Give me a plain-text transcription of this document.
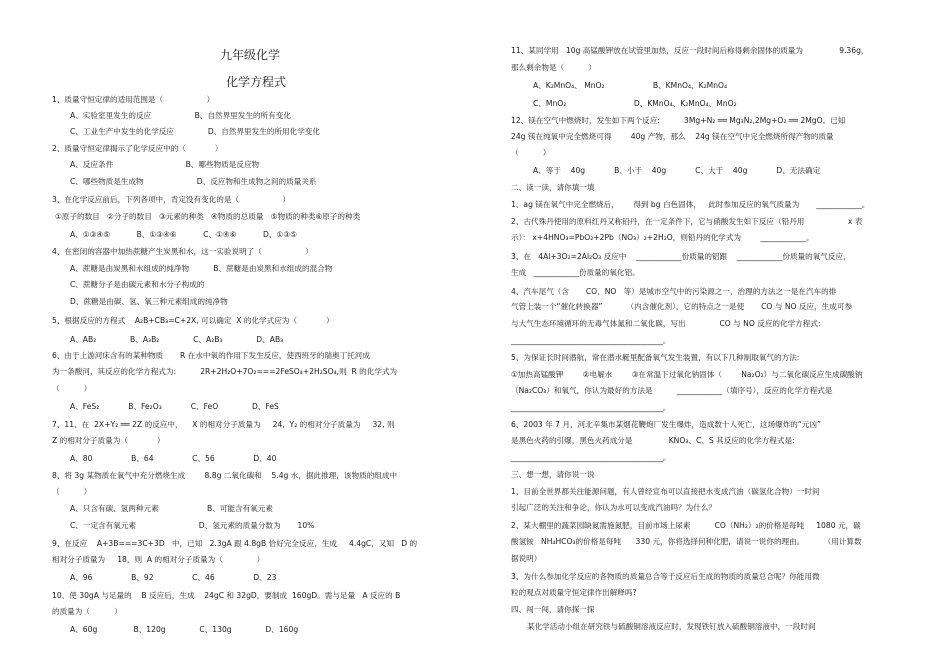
九年级化学
化学方程式
1、质量守恒定律的适用范围是（                  ）
A、实验室里发生的反应                  B、自然界里发生的所有变化
C、工业生产中发生的化学反应              D、自然界里发生的所用化学变化
2、质量守恒定律揭示了化学反应中的（            ）
A、反应条件                              B、哪些物质是反应物
C、哪些物质是生成物                      D、反应物和生成物之间的质量关系
3、在化学反应前后，下列各项中，肯定没有变化的是（                  ）
①原子的数目   ②分子的数目   ③元素的种类   ④物质的总质量   ⑤物质的种类⑥原子的种类
A、①③④⑤           B、①③④⑥           C、①④⑥           D、①③⑤
4、在密闭的容器中加热蔗糖产生炭黑和水，这一实验说明了（                  ）
A、蔗糖是由炭黑和水组成的纯净物          B、蔗糖是由炭黑和水组成的混合物
C、蔗糖分子是由碳元素和水分子构成的
D、蔗糖是由碳、氢、氧三种元素组成的纯净物
5、根据反应的方程式    A₂B+CB₃=C+2X, 可以确定  X 的化学式应为（            ）
A、AB₂              B、A₃B₂              C、A₂B₃              D、AB₃
6、由于上游河床含有的某种物质       R 在水中氧的作用下发生反应，使西班牙的瑞奥丁托河成
为一条酸河，其反应的化学方程式为:          2R+2H₂O+7O₂===2FeSO₄+2H₂SO₄,则  R 的化学式为
（          ）
A、FeS₂            B、Fe₂O₃            C、FeO              D、FeS
7、11、在  2X+Y₂ ══ 2Z 的反应中，    X 的相对分子质量为     24,  Y₂ 的相对分子质量为     32, 则
Z 的相对分子质量为（            ）
A、80                B、64                C、56                D、40
8、将 3g 某物质在氧气中充分燃烧生成        8.8g 二氧化碳和    5.4g 水，据此推理，该物质的组成中
（          ）
A、只含有碳、氢两种元素                    B、可能含有氧元素
C、一定含有氧元素                          D、氢元素的质量分数为       10%
9、在反应    A+3B===3C+3D   中，已知   2.3gA 跟 4.8gB 恰好完全反应，生成     4.4gC，又知   D 的
相对分子质量为     18，则  A 的相对分子质量为（              ）
A、96                B、92                C、46                D、23
10、使 30gA 与足量的    B 反应后，生成    24gC 和 32gD，要制成  160gD。需与足量   A 反应的 B
的质量为（          ）
A、60g               B、120g              C、130g              D、160g
11、某同学用   10g 高锰酸钾放在试管里加热，反应一段时间后称得剩余固体的质量为               9.36g，
那么剩余物是（          ）
A、K₂MnO₄、 MnO₂                    B、KMnO₄、K₂MnO₄
C、MnO₂                            D、KMnO₄、K₂MnO₄、MnO₂
12、镁在空气中燃烧时，发生如下两个反应:          3Mg+N₂ ══ Mg₃N₂,2Mg+O₂ ══ 2MgO。已知
24g 镁在纯氧中完全燃烧可得        40g 产物，那么    24g 镁在空气中完全燃烧所得产物的质量
（          ）
A、等于    40g            B、小于    40g            C、大于    40g            D、无法确定
二、读一读，请你填一填
1、ag 镁在氧气中完全燃烧后，      得到 bg 白色固体，   此时参加反应的氧气质量为       ____________。
2、古代殊丹使用的原料红丹又称铅丹，在一定条件下，它与硝酸发生如下反应（铅丹用                  x 表
示）： x+4HNO₃=PbO₂+2Pb（NO₃）₂+2H₂O，则铅丹的化学式为        ____________。
3、在   4Al+3O₂=2Al₂O₃ 反应中    ____________份质量的铝跟    ____________份质量的氧气反应，
生成   ____________份质量的氧化铝。
4、汽车尾气（含       CO、NO   等）是城市空气中的污染源之一，治理的方法之一是在汽车的排
气管上装一个“催化转换器”          （内含催化剂），它的特点之一是使       CO 与 NO 反应，生成可参
与大气生态环境循环的无毒气体氮和二氧化碳，写出              CO 与 NO 反应的化学方程式:
________________________________________。
5、为保证长时间潜航，常在潜水艇里配备氧气发生装置，有以下几种制取氧气的方法:
①加热高锰酸钾        ②电解水        ③在常温下过氧化钠固体（        Na₂O₂）与二氧化碳反应生成碳酸钠
（Na₂CO₃）和氧气，你认为最好的方法是          ____________（填序号），反应的化学方程式是
________________________________________。
6、2003 年 7 月，河北辛集市某烟花鞭炮厂发生爆炸，造成数十人死亡，这场爆炸的“元凶”
是黑色火药的引爆，黑色火药成分是               KNO₃、C、S 其反应的化学方程式是:
________________________________________。
三、想一想，请你说一说
1、目前全世界都关注能源问题，有人曾经宣布可以直接把水变成汽油（碳氢化合物）一时间
引起广泛的关注和争论，你认为水可以变成汽油吗？为什么？
2、某大棚里的蔬菜园缺氮需施氮肥，目前市场上尿素          CO（NH₂）₂的价格是每吨     1080 元，碳
酸氢铵   NH₄HCO₃的价格是每吨      330 元，你将选择何种化肥，请说一说你的理由。        （用计算数
据说明）
3、为什么参加化学反应的各物质的质量总合等于反应后生成的物质的质量总合呢？你能用微
粒的观点对质量守恒定律作出解释吗?
四、闯一闯，请你探一探
某化学活动小组在研究铁与硫酸铜溶液反应时，发现铁钉放入硫酸铜溶液中，一段时间
